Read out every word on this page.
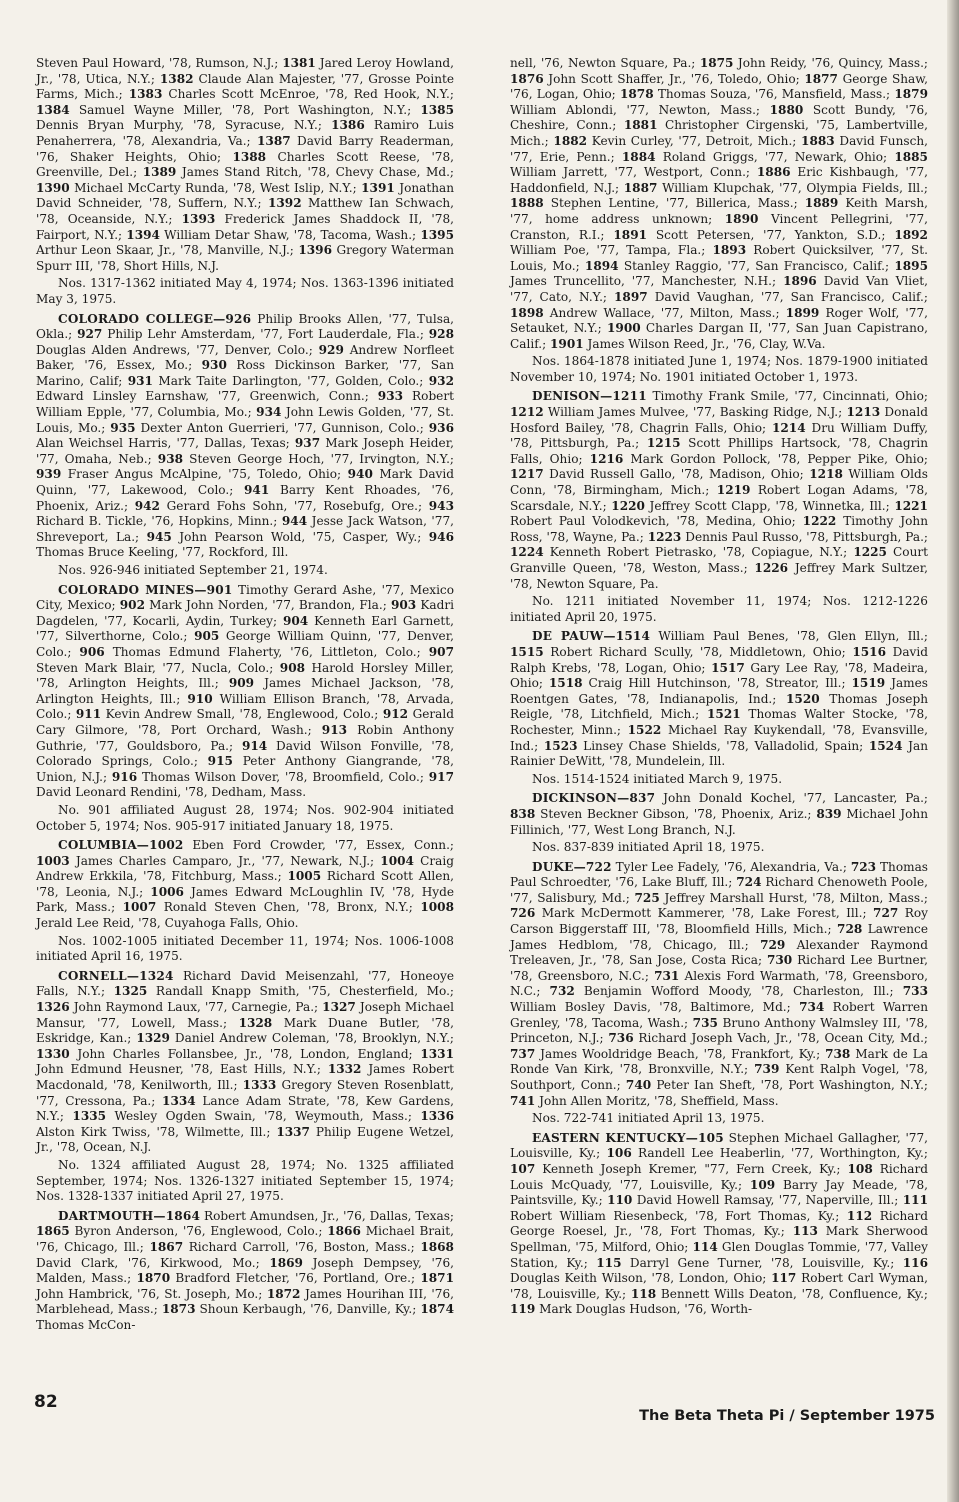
Steven Paul Howard, '78, Rumson, N.J.; 1381 Jared Leroy Howland, Jr., '78, Utica, N.Y.; 1382 Claude Alan Majester, '77, Grosse Pointe Farms, Mich.; 1383 Charles Scott McEnroe, '78, Red Hook, N.Y.; 1384 Samuel Wayne Miller, '78, Port Washington, N.Y.; 1385 Dennis Bryan Murphy, '78, Syracuse, N.Y.; 1386 Ramiro Luis Penaherrera, '78, Alexandria, Va.; 1387 David Barry Readerman, '76, Shaker Heights, Ohio; 1388 Charles Scott Reese, '78, Greenville, Del.; 1389 James Stand Ritch, '78, Chevy Chase, Md.; 1390 Michael McCarty Runda, '78, West Islip, N.Y.; 1391 Jonathan David Schneider, '78, Suffern, N.Y.; 1392 Matthew Ian Schwach, '78, Oceanside, N.Y.; 1393 Frederick James Shaddock II, '78, Fairport, N.Y.; 1394 William Detar Shaw, '78, Tacoma, Wash.; 1395 Arthur Leon Skaar, Jr., '78, Manville, N.J.; 1396 Gregory Waterman Spurr III, '78, Short Hills, N.J.

Nos. 1317-1362 initiated May 4, 1974; Nos. 1363-1396 initiated May 3, 1975.

COLORADO COLLEGE—926 Philip Brooks Allen, '77, Tulsa, Okla.; 927 Philip Lehr Amsterdam, '77, Fort Lauderdale, Fla.; 928 Douglas Alden Andrews, '77, Denver, Colo.; 929 Andrew Norfleet Baker, '76, Essex, Mo.; 930 Ross Dickinson Barker, '77, San Marino, Calif; 931 Mark Taite Darlington, '77, Golden, Colo.; 932 Edward Linsley Earnshaw, '77, Greenwich, Conn.; 933 Robert William Epple, '77, Columbia, Mo.; 934 John Lewis Golden, '77, St. Louis, Mo.; 935 Dexter Anton Guerrieri, '77, Gunnison, Colo.; 936 Alan Weichsel Harris, '77, Dallas, Texas; 937 Mark Joseph Heider, '77, Omaha, Neb.; 938 Steven George Hoch, '77, Irvington, N.Y.; 939 Fraser Angus McAlpine, '75, Toledo, Ohio; 940 Mark David Quinn, '77, Lakewood, Colo.; 941 Barry Kent Rhoades, '76, Phoenix, Ariz.; 942 Gerard Fohs Sohn, '77, Rosebufg, Ore.; 943 Richard B. Tickle, '76, Hopkins, Minn.; 944 Jesse Jack Watson, '77, Shreveport, La.; 945 John Pearson Wold, '75, Casper, Wy.; 946 Thomas Bruce Keeling, '77, Rockford, Ill.

Nos. 926-946 initiated September 21, 1974.

COLORADO MINES—901 Timothy Gerard Ashe, '77, Mexico City, Mexico; 902 Mark John Norden, '77, Brandon, Fla.; 903 Kadri Dagdelen, '77, Kocarli, Aydin, Turkey; 904 Kenneth Earl Garnett, '77, Silverthorne, Colo.; 905 George William Quinn, '77, Denver, Colo.; 906 Thomas Edmund Flaherty, '76, Littleton, Colo.; 907 Steven Mark Blair, '77, Nucla, Colo.; 908 Harold Horsley Miller, '78, Arlington Heights, Ill.; 909 James Michael Jackson, '78, Arlington Heights, Ill.; 910 William Ellison Branch, '78, Arvada, Colo.; 911 Kevin Andrew Small, '78, Englewood, Colo.; 912 Gerald Cary Gilmore, '78, Port Orchard, Wash.; 913 Robin Anthony Guthrie, '77, Gouldsboro, Pa.; 914 David Wilson Fonville, '78, Colorado Springs, Colo.; 915 Peter Anthony Giangrande, '78, Union, N.J.; 916 Thomas Wilson Dover, '78, Broomfield, Colo.; 917 David Leonard Rendini, '78, Dedham, Mass.

No. 901 affiliated August 28, 1974; Nos. 902-904 initiated October 5, 1974; Nos. 905-917 initiated January 18, 1975.

COLUMBIA—1002 Eben Ford Crowder, '77, Essex, Conn.; 1003 James Charles Camparo, Jr., '77, Newark, N.J.; 1004 Craig Andrew Erkkila, '78, Fitchburg, Mass.; 1005 Richard Scott Allen, '78, Leonia, N.J.; 1006 James Edward McLoughlin IV, '78, Hyde Park, Mass.; 1007 Ronald Steven Chen, '78, Bronx, N.Y.; 1008 Jerald Lee Reid, '78, Cuyahoga Falls, Ohio.

Nos. 1002-1005 initiated December 11, 1974; Nos. 1006-1008 initiated April 16, 1975.

CORNELL—1324 Richard David Meisenzahl, '77, Honeoye Falls, N.Y.; 1325 Randall Knapp Smith, '75, Chesterfield, Mo.; 1326 John Raymond Laux, '77, Carnegie, Pa.; 1327 Joseph Michael Mansur, '77, Lowell, Mass.; 1328 Mark Duane Butler, '78, Eskridge, Kan.; 1329 Daniel Andrew Coleman, '78, Brooklyn, N.Y.; 1330 John Charles Follansbee, Jr., '78, London, England; 1331 John Edmund Heusner, '78, East Hills, N.Y.; 1332 James Robert Macdonald, '78, Kenilworth, Ill.; 1333 Gregory Steven Rosenblatt, '77, Cressona, Pa.; 1334 Lance Adam Strate, '78, Kew Gardens, N.Y.; 1335 Wesley Ogden Swain, '78, Weymouth, Mass.; 1336 Alston Kirk Twiss, '78, Wilmette, Ill.; 1337 Philip Eugene Wetzel, Jr., '78, Ocean, N.J.

No. 1324 affiliated August 28, 1974; No. 1325 affiliated September, 1974; Nos. 1326-1327 initiated September 15, 1974; Nos. 1328-1337 initiated April 27, 1975.

DARTMOUTH—1864 Robert Amundsen, Jr., '76, Dallas, Texas; 1865 Byron Anderson, '76, Englewood, Colo.; 1866 Michael Brait, '76, Chicago, Ill.; 1867 Richard Carroll, '76, Boston, Mass.; 1868 David Clark, '76, Kirkwood, Mo.; 1869 Joseph Dempsey, '76, Malden, Mass.; 1870 Bradford Fletcher, '76, Portland, Ore.; 1871 John Hambrick, '76, St. Joseph, Mo.; 1872 James Hourihan III, '76, Marblehead, Mass.; 1873 Shoun Kerbaugh, '76, Danville, Ky.; 1874 Thomas McCon-

nell, '76, Newton Square, Pa.; 1875 John Reidy, '76, Quincy, Mass.; 1876 John Scott Shaffer, Jr., '76, Toledo, Ohio; 1877 George Shaw, '76, Logan, Ohio; 1878 Thomas Souza, '76, Mansfield, Mass.; 1879 William Ablondi, '77, Newton, Mass.; 1880 Scott Bundy, '76, Cheshire, Conn.; 1881 Christopher Cirgenski, '75, Lambertville, Mich.; 1882 Kevin Curley, '77, Detroit, Mich.; 1883 David Funsch, '77, Erie, Penn.; 1884 Roland Griggs, '77, Newark, Ohio; 1885 William Jarrett, '77, Westport, Conn.; 1886 Eric Kishbaugh, '77, Haddonfield, N.J.; 1887 William Klupchak, '77, Olympia Fields, Ill.; 1888 Stephen Lentine, '77, Billerica, Mass.; 1889 Keith Marsh, '77, home address unknown; 1890 Vincent Pellegrini, '77, Cranston, R.I.; 1891 Scott Petersen, '77, Yankton, S.D.; 1892 William Poe, '77, Tampa, Fla.; 1893 Robert Quicksilver, '77, St. Louis, Mo.; 1894 Stanley Raggio, '77, San Francisco, Calif.; 1895 James Truncellito, '77, Manchester, N.H.; 1896 David Van Vliet, '77, Cato, N.Y.; 1897 David Vaughan, '77, San Francisco, Calif.; 1898 Andrew Wallace, '77, Milton, Mass.; 1899 Roger Wolf, '77, Setauket, N.Y.; 1900 Charles Dargan II, '77, San Juan Capistrano, Calif.; 1901 James Wilson Reed, Jr., '76, Clay, W.Va.

Nos. 1864-1878 initiated June 1, 1974; Nos. 1879-1900 initiated November 10, 1974; No. 1901 initiated October 1, 1973.

DENISON—1211 Timothy Frank Smile, '77, Cincinnati, Ohio; 1212 William James Mulvee, '77, Basking Ridge, N.J.; 1213 Donald Hosford Bailey, '78, Chagrin Falls, Ohio; 1214 Dru William Duffy, '78, Pittsburgh, Pa.; 1215 Scott Phillips Hartsock, '78, Chagrin Falls, Ohio; 1216 Mark Gordon Pollock, '78, Pepper Pike, Ohio; 1217 David Russell Gallo, '78, Madison, Ohio; 1218 William Olds Conn, '78, Birmingham, Mich.; 1219 Robert Logan Adams, '78, Scarsdale, N.Y.; 1220 Jeffrey Scott Clapp, '78, Winnetka, Ill.; 1221 Robert Paul Volodkevich, '78, Medina, Ohio; 1222 Timothy John Ross, '78, Wayne, Pa.; 1223 Dennis Paul Russo, '78, Pittsburgh, Pa.; 1224 Kenneth Robert Pietrasko, '78, Copiague, N.Y.; 1225 Court Granville Queen, '78, Weston, Mass.; 1226 Jeffrey Mark Sultzer, '78, Newton Square, Pa.

No. 1211 initiated November 11, 1974; Nos. 1212-1226 initiated April 20, 1975.

DE PAUW—1514 William Paul Benes, '78, Glen Ellyn, Ill.; 1515 Robert Richard Scully, '78, Middletown, Ohio; 1516 David Ralph Krebs, '78, Logan, Ohio; 1517 Gary Lee Ray, '78, Madeira, Ohio; 1518 Craig Hill Hutchinson, '78, Streator, Ill.; 1519 James Roentgen Gates, '78, Indianapolis, Ind.; 1520 Thomas Joseph Reigle, '78, Litchfield, Mich.; 1521 Thomas Walter Stocke, '78, Rochester, Minn.; 1522 Michael Ray Kuykendall, '78, Evansville, Ind.; 1523 Linsey Chase Shields, '78, Valladolid, Spain; 1524 Jan Rainier DeWitt, '78, Mundelein, Ill.

Nos. 1514-1524 initiated March 9, 1975.

DICKINSON—837 John Donald Kochel, '77, Lancaster, Pa.; 838 Steven Beckner Gibson, '78, Phoenix, Ariz.; 839 Michael John Fillinich, '77, West Long Branch, N.J.

Nos. 837-839 initiated April 18, 1975.

DUKE—722 Tyler Lee Fadely, '76, Alexandria, Va.; 723 Thomas Paul Schroedter, '76, Lake Bluff, Ill.; 724 Richard Chenoweth Poole, '77, Salisbury, Md.; 725 Jeffrey Marshall Hurst, '78, Milton, Mass.; 726 Mark McDermott Kammerer, '78, Lake Forest, Ill.; 727 Roy Carson Biggerstaff III, '78, Bloomfield Hills, Mich.; 728 Lawrence James Hedblom, '78, Chicago, Ill.; 729 Alexander Raymond Treleaven, Jr., '78, San Jose, Costa Rica; 730 Richard Lee Burtner, '78, Greensboro, N.C.; 731 Alexis Ford Warmath, '78, Greensboro, N.C.; 732 Benjamin Wofford Moody, '78, Charleston, Ill.; 733 William Bosley Davis, '78, Baltimore, Md.; 734 Robert Warren Grenley, '78, Tacoma, Wash.; 735 Bruno Anthony Walmsley III, '78, Princeton, N.J.; 736 Richard Joseph Vach, Jr., '78, Ocean City, Md.; 737 James Wooldridge Beach, '78, Frankfort, Ky.; 738 Mark de La Ronde Van Kirk, '78, Bronxville, N.Y.; 739 Kent Ralph Vogel, '78, Southport, Conn.; 740 Peter Ian Sheft, '78, Port Washington, N.Y.; 741 John Allen Moritz, '78, Sheffield, Mass.

Nos. 722-741 initiated April 13, 1975.

EASTERN KENTUCKY—105 Stephen Michael Gallagher, '77, Louisville, Ky.; 106 Randell Lee Heaberlin, '77, Worthington, Ky.; 107 Kenneth Joseph Kremer, "77, Fern Creek, Ky.; 108 Richard Louis McQuady, '77, Louisville, Ky.; 109 Barry Jay Meade, '78, Paintsville, Ky.; 110 David Howell Ramsay, '77, Naperville, Ill.; 111 Robert William Riesenbeck, '78, Fort Thomas, Ky.; 112 Richard George Roesel, Jr., '78, Fort Thomas, Ky.; 113 Mark Sherwood Spellman, '75, Milford, Ohio; 114 Glen Douglas Tommie, '77, Valley Station, Ky.; 115 Darryl Gene Turner, '78, Louisville, Ky.; 116 Douglas Keith Wilson, '78, London, Ohio; 117 Robert Carl Wyman, '78, Louisville, Ky.; 118 Bennett Wills Deaton, '78, Confluence, Ky.; 119 Mark Douglas Hudson, '76, Worth-

82
The Beta Theta Pi / September 1975
